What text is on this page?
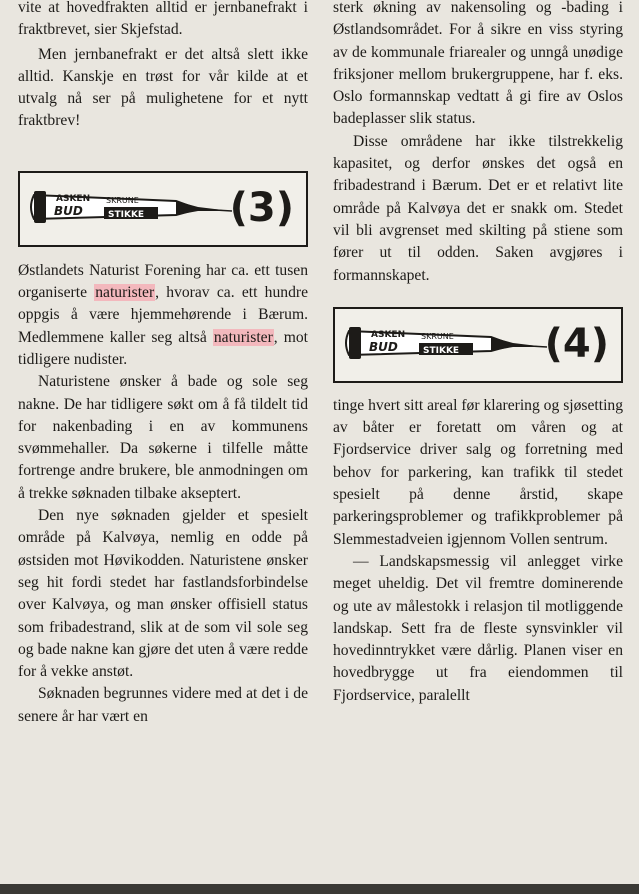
vite at hovedfrakten alltid er jernbanefrakt i fraktbrevet, sier Skjefstad.

Men jernbanefrakt er det altså slett ikke alltid. Kanskje en trøst for vår kilde at et utvalg nå ser på mulighetene for et nytt fraktbrev!

ASKEN
BUD
SKRUNE
STIKKE (3)

Østlandets Naturist Forening har ca. ett tusen organiserte naturister, hvorav ca. ett hundre oppgis å være hjemmehørende i Bærum. Medlemmene kaller seg altså naturister, mot tidligere nudister.

Naturistene ønsker å bade og sole seg nakne. De har tidligere søkt om å få tildelt tid for nakenbading i en av kommunens svømmehaller. Da søkerne i tilfelle måtte fortrenge andre brukere, ble anmodningen om å trekke søknaden tilbake akseptert.

Den nye søknaden gjelder et spesielt område på Kalvøya, nemlig en odde på østsiden mot Høvikodden. Naturistene ønsker seg hit fordi stedet har fastlandsforbindelse over Kalvøya, og man ønsker offisiell status som fribadestrand, slik at de som vil sole seg og bade nakne kan gjøre det uten å være redde for å vekke anstøt.

Søknaden begrunnes videre med at det i de senere år har vært en

sterk økning av nakensoling og -bading i Østlandsområdet. For å sikre en viss styring av de kommunale friarealer og unngå unødige friksjoner mellom brukergruppene, har f. eks. Oslo formannskap vedtatt å gi fire av Oslos badeplasser slik status.

Disse områdene har ikke tilstrekkelig kapasitet, og derfor ønskes det også en fribadestrand i Bærum. Det er et relativt lite område på Kalvøya det er snakk om. Stedet vil bli avgrenset med skilting på stiene som fører ut til odden. Saken avgjøres i formannskapet.

ASKEN
BUD
SKRUNE
STIKKE (4)

tinge hvert sitt areal før klarering og sjøsetting av båter er foretatt om våren og at Fjordservice driver salg og forretning med behov for parkering, kan trafikk til stedet spesielt på denne årstid, skape parkeringsproblemer og trafikkproblemer på Slemmestadveien igjennom Vollen sentrum.

— Landskapsmessig vil anlegget virke meget uheldig. Det vil fremtre dominerende og ute av målestokk i relasjon til motliggende landskap. Sett fra de fleste synsvinkler vil hovedinntrykket være dårlig. Planen viser en hovedbrygge ut fra eiendommen til Fjordservice, paralellt
